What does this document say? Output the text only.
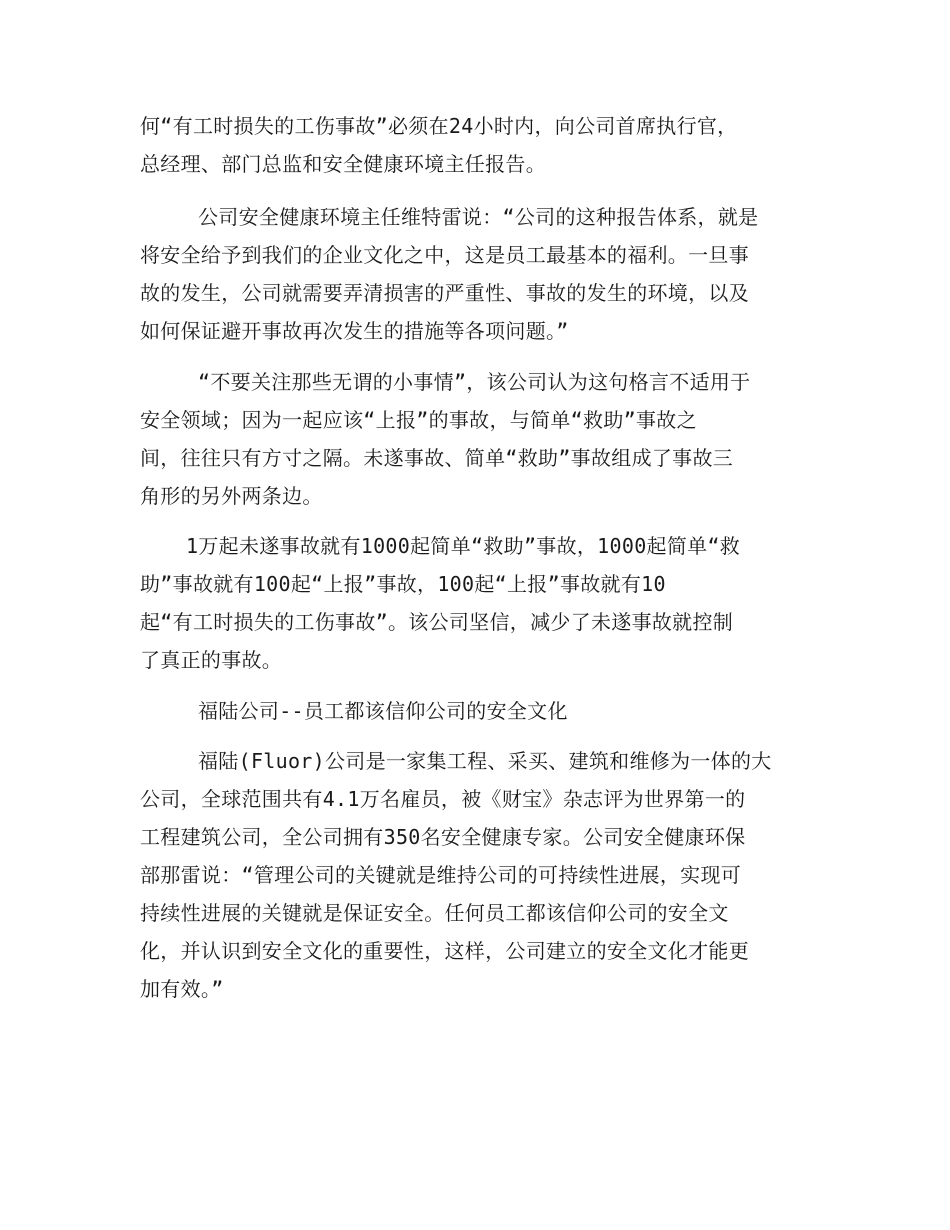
何“有工时损失的工伤事故”必须在24小时内，向公司首席执行官，
总经理、部门总监和安全健康环境主任报告。
公司安全健康环境主任维特雷说：“公司的这种报告体系，就是
将安全给予到我们的企业文化之中，这是员工最基本的福利。一旦事
故的发生，公司就需要弄清损害的严重性、事故的发生的环境，以及
如何保证避开事故再次发生的措施等各项问题。”
“不要关注那些无谓的小事情”，该公司认为这句格言不适用于
安全领域；因为一起应该“上报”的事故，与简单“救助”事故之
间，往往只有方寸之隔。未遂事故、简单“救助”事故组成了事故三
角形的另外两条边。
1万起未遂事故就有1000起简单“救助”事故，1000起简单“救
助”事故就有100起“上报”事故，100起“上报”事故就有10
起“有工时损失的工伤事故”。该公司坚信，减少了未遂事故就控制
了真正的事故。
福陆公司--员工都该信仰公司的安全文化
福陆(Fluor)公司是一家集工程、采买、建筑和维修为一体的大
公司，全球范围共有4.1万名雇员，被《财宝》杂志评为世界第一的
工程建筑公司，全公司拥有350名安全健康专家。公司安全健康环保
部那雷说：“管理公司的关键就是维持公司的可持续性进展，实现可
持续性进展的关键就是保证安全。任何员工都该信仰公司的安全文
化，并认识到安全文化的重要性，这样，公司建立的安全文化才能更
加有效。”
